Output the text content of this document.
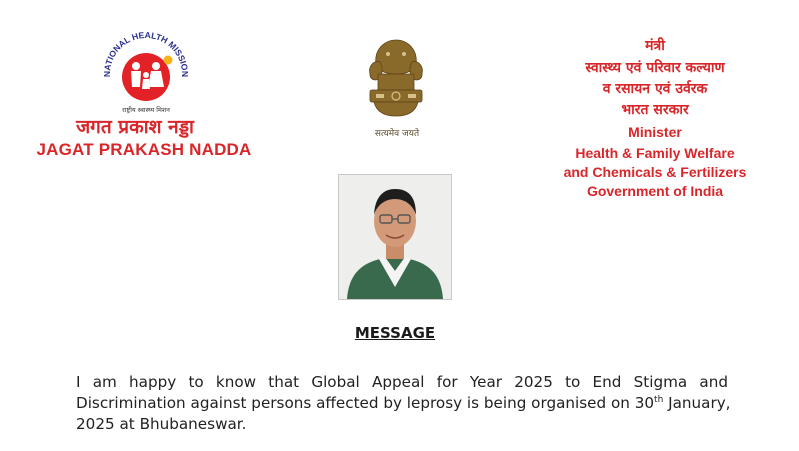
NATIONAL HEALTH MISSION
राष्ट्रीय स्वास्थ्य मिशन
जगत प्रकाश नड्डा
JAGAT PRAKASH NADDA
सत्यमेव जयते
मंत्री
स्वास्थ्य एवं परिवार कल्याण
व रसायन एवं उर्वरक
भारत सरकार
Minister
Health & Family Welfare
and Chemicals & Fertilizers
Government of India
MESSAGE
I am happy to know that Global Appeal for Year 2025 to End Stigma and
Discrimination against persons affected by leprosy is being organised on 30th January,
2025 at Bhubaneswar.
